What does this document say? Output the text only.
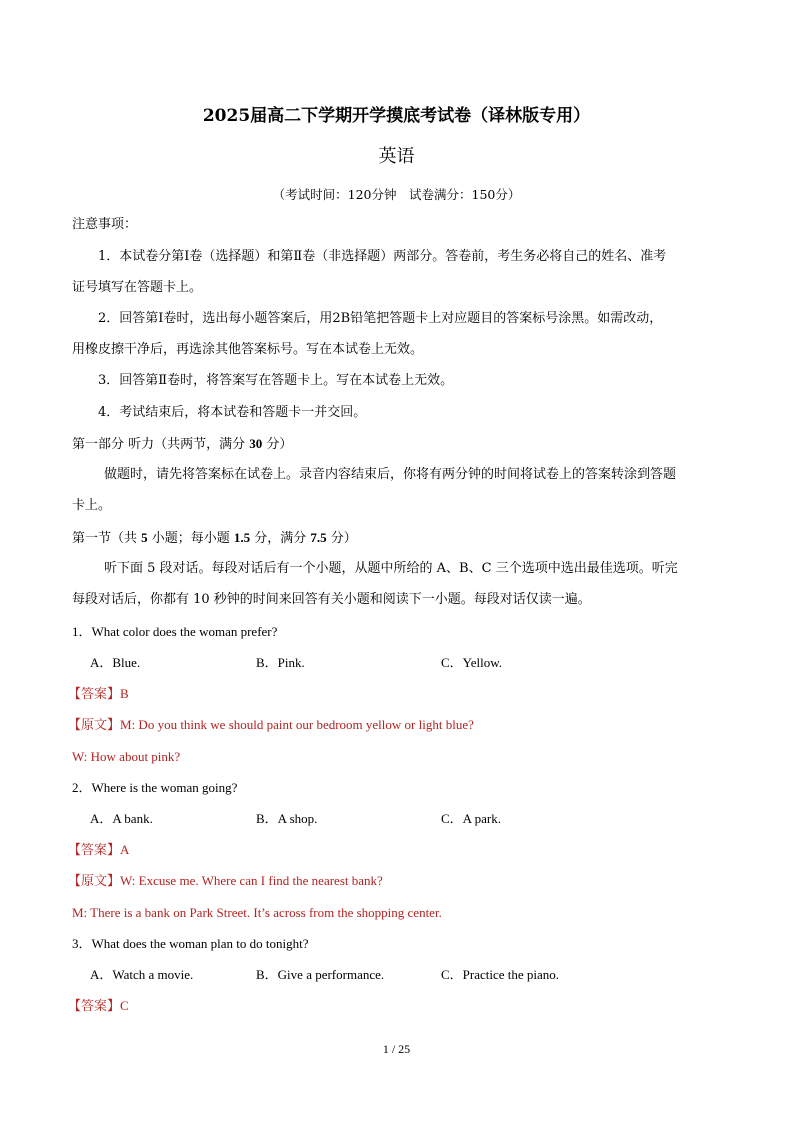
2025届高二下学期开学摸底考试卷（译林版专用）
英语
（考试时间：120分钟　试卷满分：150分）
注意事项：
1．本试卷分第Ⅰ卷（选择题）和第Ⅱ卷（非选择题）两部分。答卷前，考生务必将自己的姓名、准考
证号填写在答题卡上。
2．回答第Ⅰ卷时，选出每小题答案后，用2B铅笔把答题卡上对应题目的答案标号涂黑。如需改动，
用橡皮擦干净后，再选涂其他答案标号。写在本试卷上无效。
3．回答第Ⅱ卷时，将答案写在答题卡上。写在本试卷上无效。
4．考试结束后，将本试卷和答题卡一并交回。
第一部分 听力（共两节，满分 30 分）
做题时，请先将答案标在试卷上。录音内容结束后，你将有两分钟的时间将试卷上的答案转涂到答题
卡上。
第一节（共 5 小题；每小题 1.5 分，满分 7.5 分）
听下面 5 段对话。每段对话后有一个小题，从题中所给的 A、B、C 三个选项中选出最佳选项。听完
每段对话后，你都有 10 秒钟的时间来回答有关小题和阅读下一小题。每段对话仅读一遍。
1．What color does the woman prefer?
A．Blue.	B．Pink.	C．Yellow.
【答案】B
【原文】M: Do you think we should paint our bedroom yellow or light blue?
W: How about pink?
2．Where is the woman going?
A．A bank.	B．A shop.	C．A park.
【答案】A
【原文】W: Excuse me. Where can I find the nearest bank?
M: There is a bank on Park Street. It’s across from the shopping center.
3．What does the woman plan to do tonight?
A．Watch a movie.	B．Give a performance.	C．Practice the piano.
【答案】C
1 / 25
